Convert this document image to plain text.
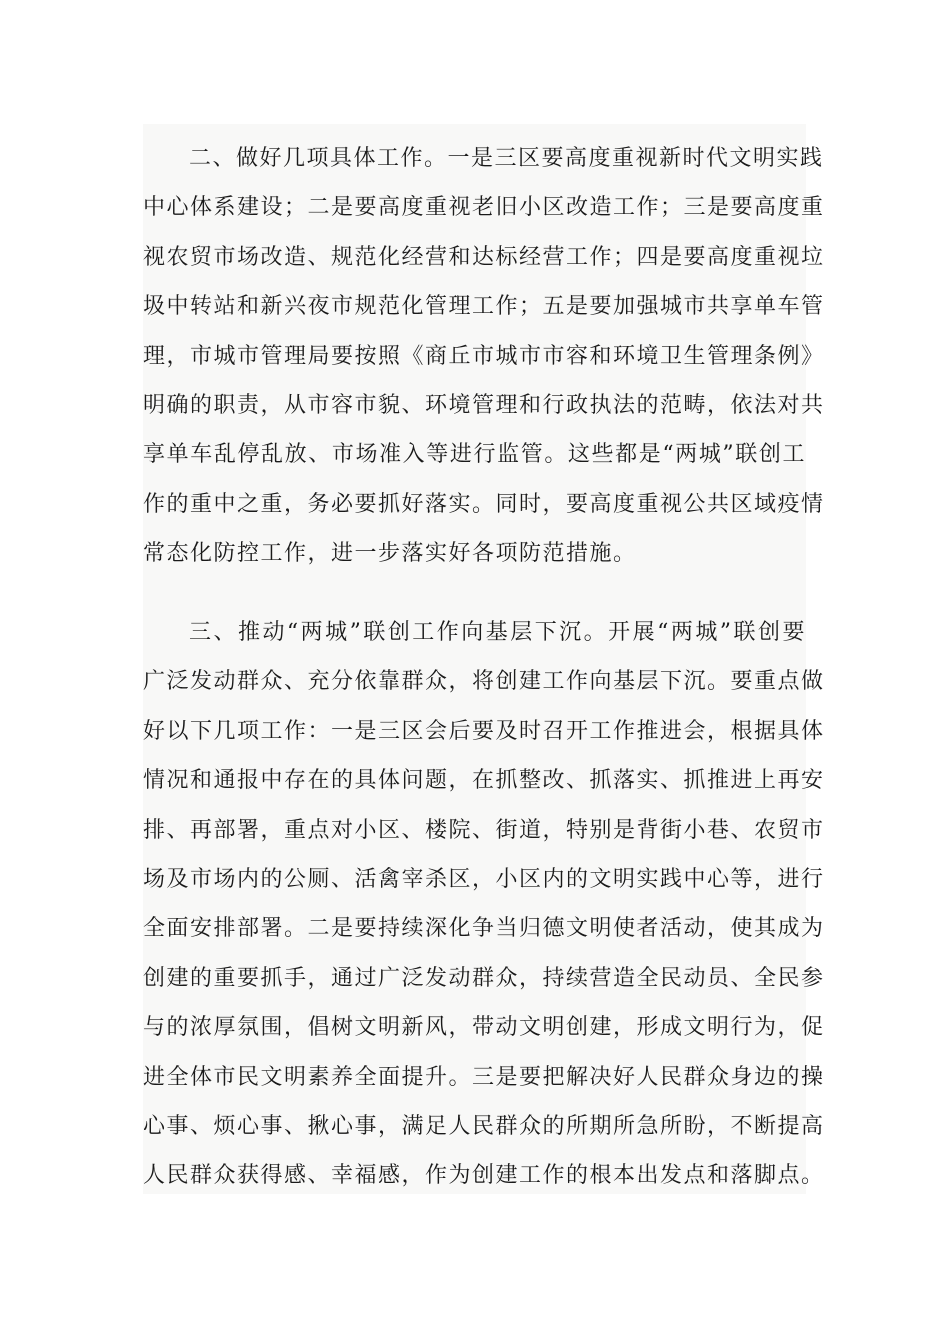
二、做好几项具体工作。一是三区要高度重视新时代文明实践
中心体系建设；二是要高度重视老旧小区改造工作；三是要高度重
视农贸市场改造、规范化经营和达标经营工作；四是要高度重视垃
圾中转站和新兴夜市规范化管理工作；五是要加强城市共享单车管
理，市城市管理局要按照《商丘市城市市容和环境卫生管理条例》
明确的职责，从市容市貌、环境管理和行政执法的范畴，依法对共
享单车乱停乱放、市场准入等进行监管。这些都是“两城”联创工
作的重中之重，务必要抓好落实。同时，要高度重视公共区域疫情
常态化防控工作，进一步落实好各项防范措施。

三、推动“两城”联创工作向基层下沉。开展“两城”联创要
广泛发动群众、充分依靠群众，将创建工作向基层下沉。要重点做
好以下几项工作：一是三区会后要及时召开工作推进会，根据具体
情况和通报中存在的具体问题，在抓整改、抓落实、抓推进上再安
排、再部署，重点对小区、楼院、街道，特别是背街小巷、农贸市
场及市场内的公厕、活禽宰杀区，小区内的文明实践中心等，进行
全面安排部署。二是要持续深化争当归德文明使者活动，使其成为
创建的重要抓手，通过广泛发动群众，持续营造全民动员、全民参
与的浓厚氛围，倡树文明新风，带动文明创建，形成文明行为，促
进全体市民文明素养全面提升。三是要把解决好人民群众身边的操
心事、烦心事、揪心事，满足人民群众的所期所急所盼，不断提高
人民群众获得感、幸福感，作为创建工作的根本出发点和落脚点。
